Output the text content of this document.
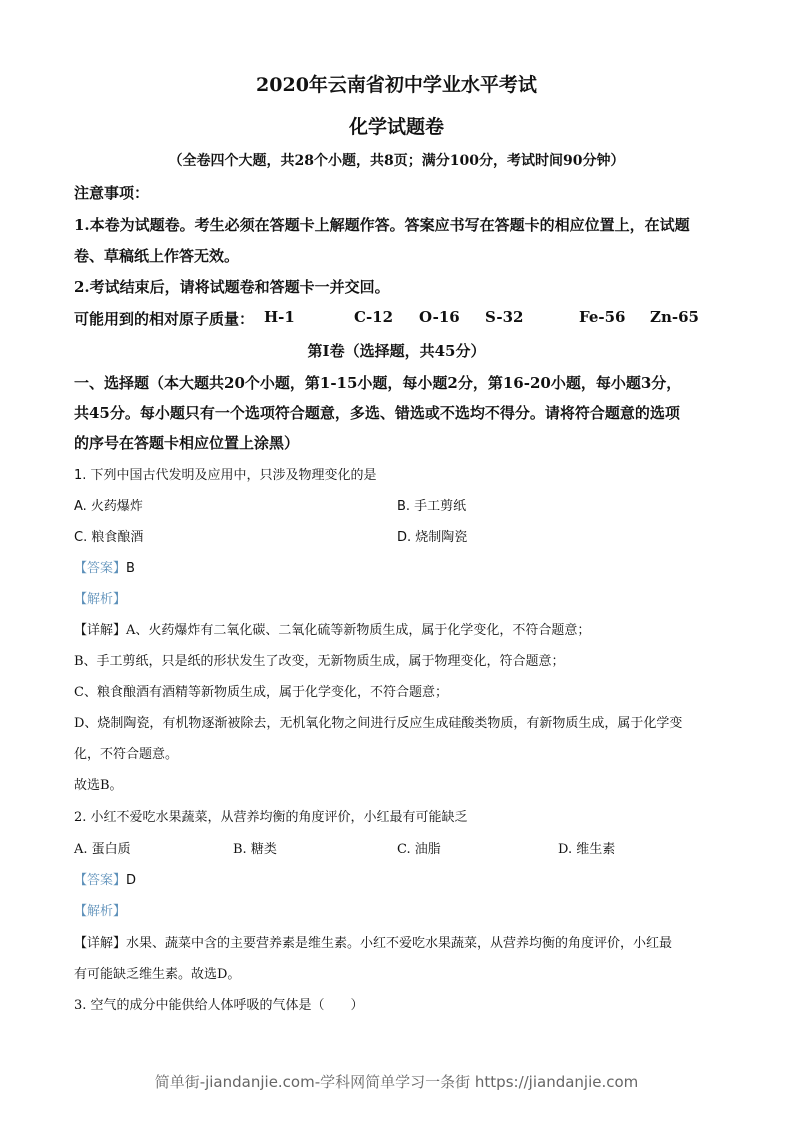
2020年云南省初中学业水平考试
化学试题卷
（全卷四个大题，共28个小题，共8页；满分100分，考试时间90分钟）
注意事项：
1.本卷为试题卷。考生必须在答题卡上解题作答。答案应书写在答题卡的相应位置上，在试题
卷、草稿纸上作答无效。
2.考试结束后，请将试题卷和答题卡一并交回。
可能用到的相对原子质量： H-1	C-12 O-16 S-32	Fe-56 Zn-65
第Ⅰ卷（选择题，共45分）
一、选择题（本大题共20个小题，第1-15小题，每小题2分，第16-20小题，每小题3分，
共45分。每小题只有一个选项符合题意，多选、错选或不选均不得分。请将符合题意的选项
的序号在答题卡相应位置上涂黑）
1. 下列中国古代发明及应用中，只涉及物理变化的是
A. 火药爆炸	B. 手工剪纸
C. 粮食酿酒	D. 烧制陶瓷
【答案】B
【解析】
【详解】A、火药爆炸有二氧化碳、二氧化硫等新物质生成，属于化学变化，不符合题意；
B、手工剪纸，只是纸的形状发生了改变，无新物质生成，属于物理变化，符合题意；
C、粮食酿酒有酒精等新物质生成，属于化学变化，不符合题意；
D、烧制陶瓷，有机物逐渐被除去，无机氧化物之间进行反应生成硅酸类物质，有新物质生成，属于化学变
化，不符合题意。
故选B。
2. 小红不爱吃水果蔬菜，从营养均衡的角度评价，小红最有可能缺乏
A. 蛋白质	B. 糖类	C. 油脂	D. 维生素
【答案】D
【解析】
【详解】水果、蔬菜中含的主要营养素是维生素。小红不爱吃水果蔬菜，从营养均衡的角度评价，小红最
有可能缺乏维生素。故选D。
3. 空气的成分中能供给人体呼吸的气体是（　　）
简单街-jiandanjie.com-学科网简单学习一条街 https://jiandanjie.com
